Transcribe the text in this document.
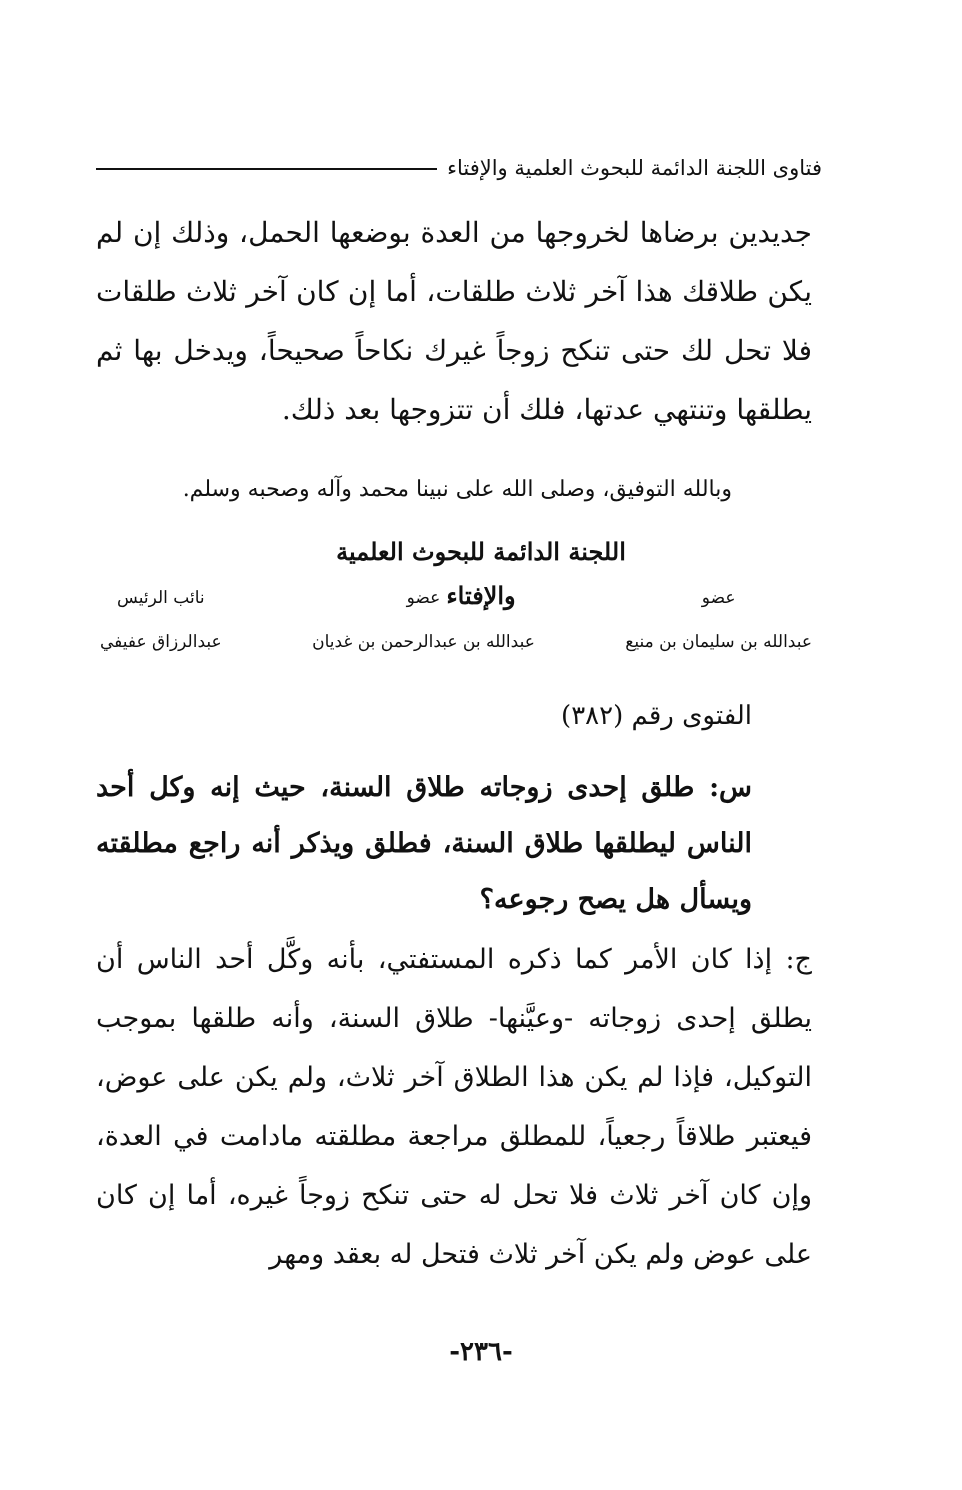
فتاوى اللجنة الدائمة للبحوث العلمية والإفتاء
جديدين برضاها لخروجها من العدة بوضعها الحمل، وذلك إن لم يكن طلاقك هذا آخر ثلاث طلقات، أما إن كان آخر ثلاث طلقات فلا تحل لك حتى تنكح زوجاً غيرك نكاحاً صحيحاً، ويدخل بها ثم يطلقها وتنتهي عدتها، فلك أن تتزوجها بعد ذلك.
وبالله التوفيق، وصلى الله على نبينا محمد وآله وصحبه وسلم.
اللجنة الدائمة للبحوث العلمية والإفتاء	عضو
عبدالله بن سليمان بن منيع
عضو
عبدالله بن عبدالرحمن بن غديان
نائب الرئيس
عبدالرزاق عفيفي
الفتوى رقم (٣٨٢)
س: طلق إحدى زوجاته طلاق السنة، حيث إنه وكل أحد الناس ليطلقها طلاق السنة، فطلق ويذكر أنه راجع مطلقته ويسأل هل يصح رجوعه؟
ج: إذا كان الأمر كما ذكره المستفتي، بأنه وكَّل أحد الناس أن يطلق إحدى زوجاته -وعيَّنها- طلاق السنة، وأنه طلقها بموجب التوكيل، فإذا لم يكن هذا الطلاق آخر ثلاث، ولم يكن على عوض، فيعتبر طلاقاً رجعياً، للمطلق مراجعة مطلقته مادامت في العدة، وإن كان آخر ثلاث فلا تحل له حتى تنكح زوجاً غيره، أما إن كان على عوض ولم يكن آخر ثلاث فتحل له بعقد ومهر
-٢٣٦-
